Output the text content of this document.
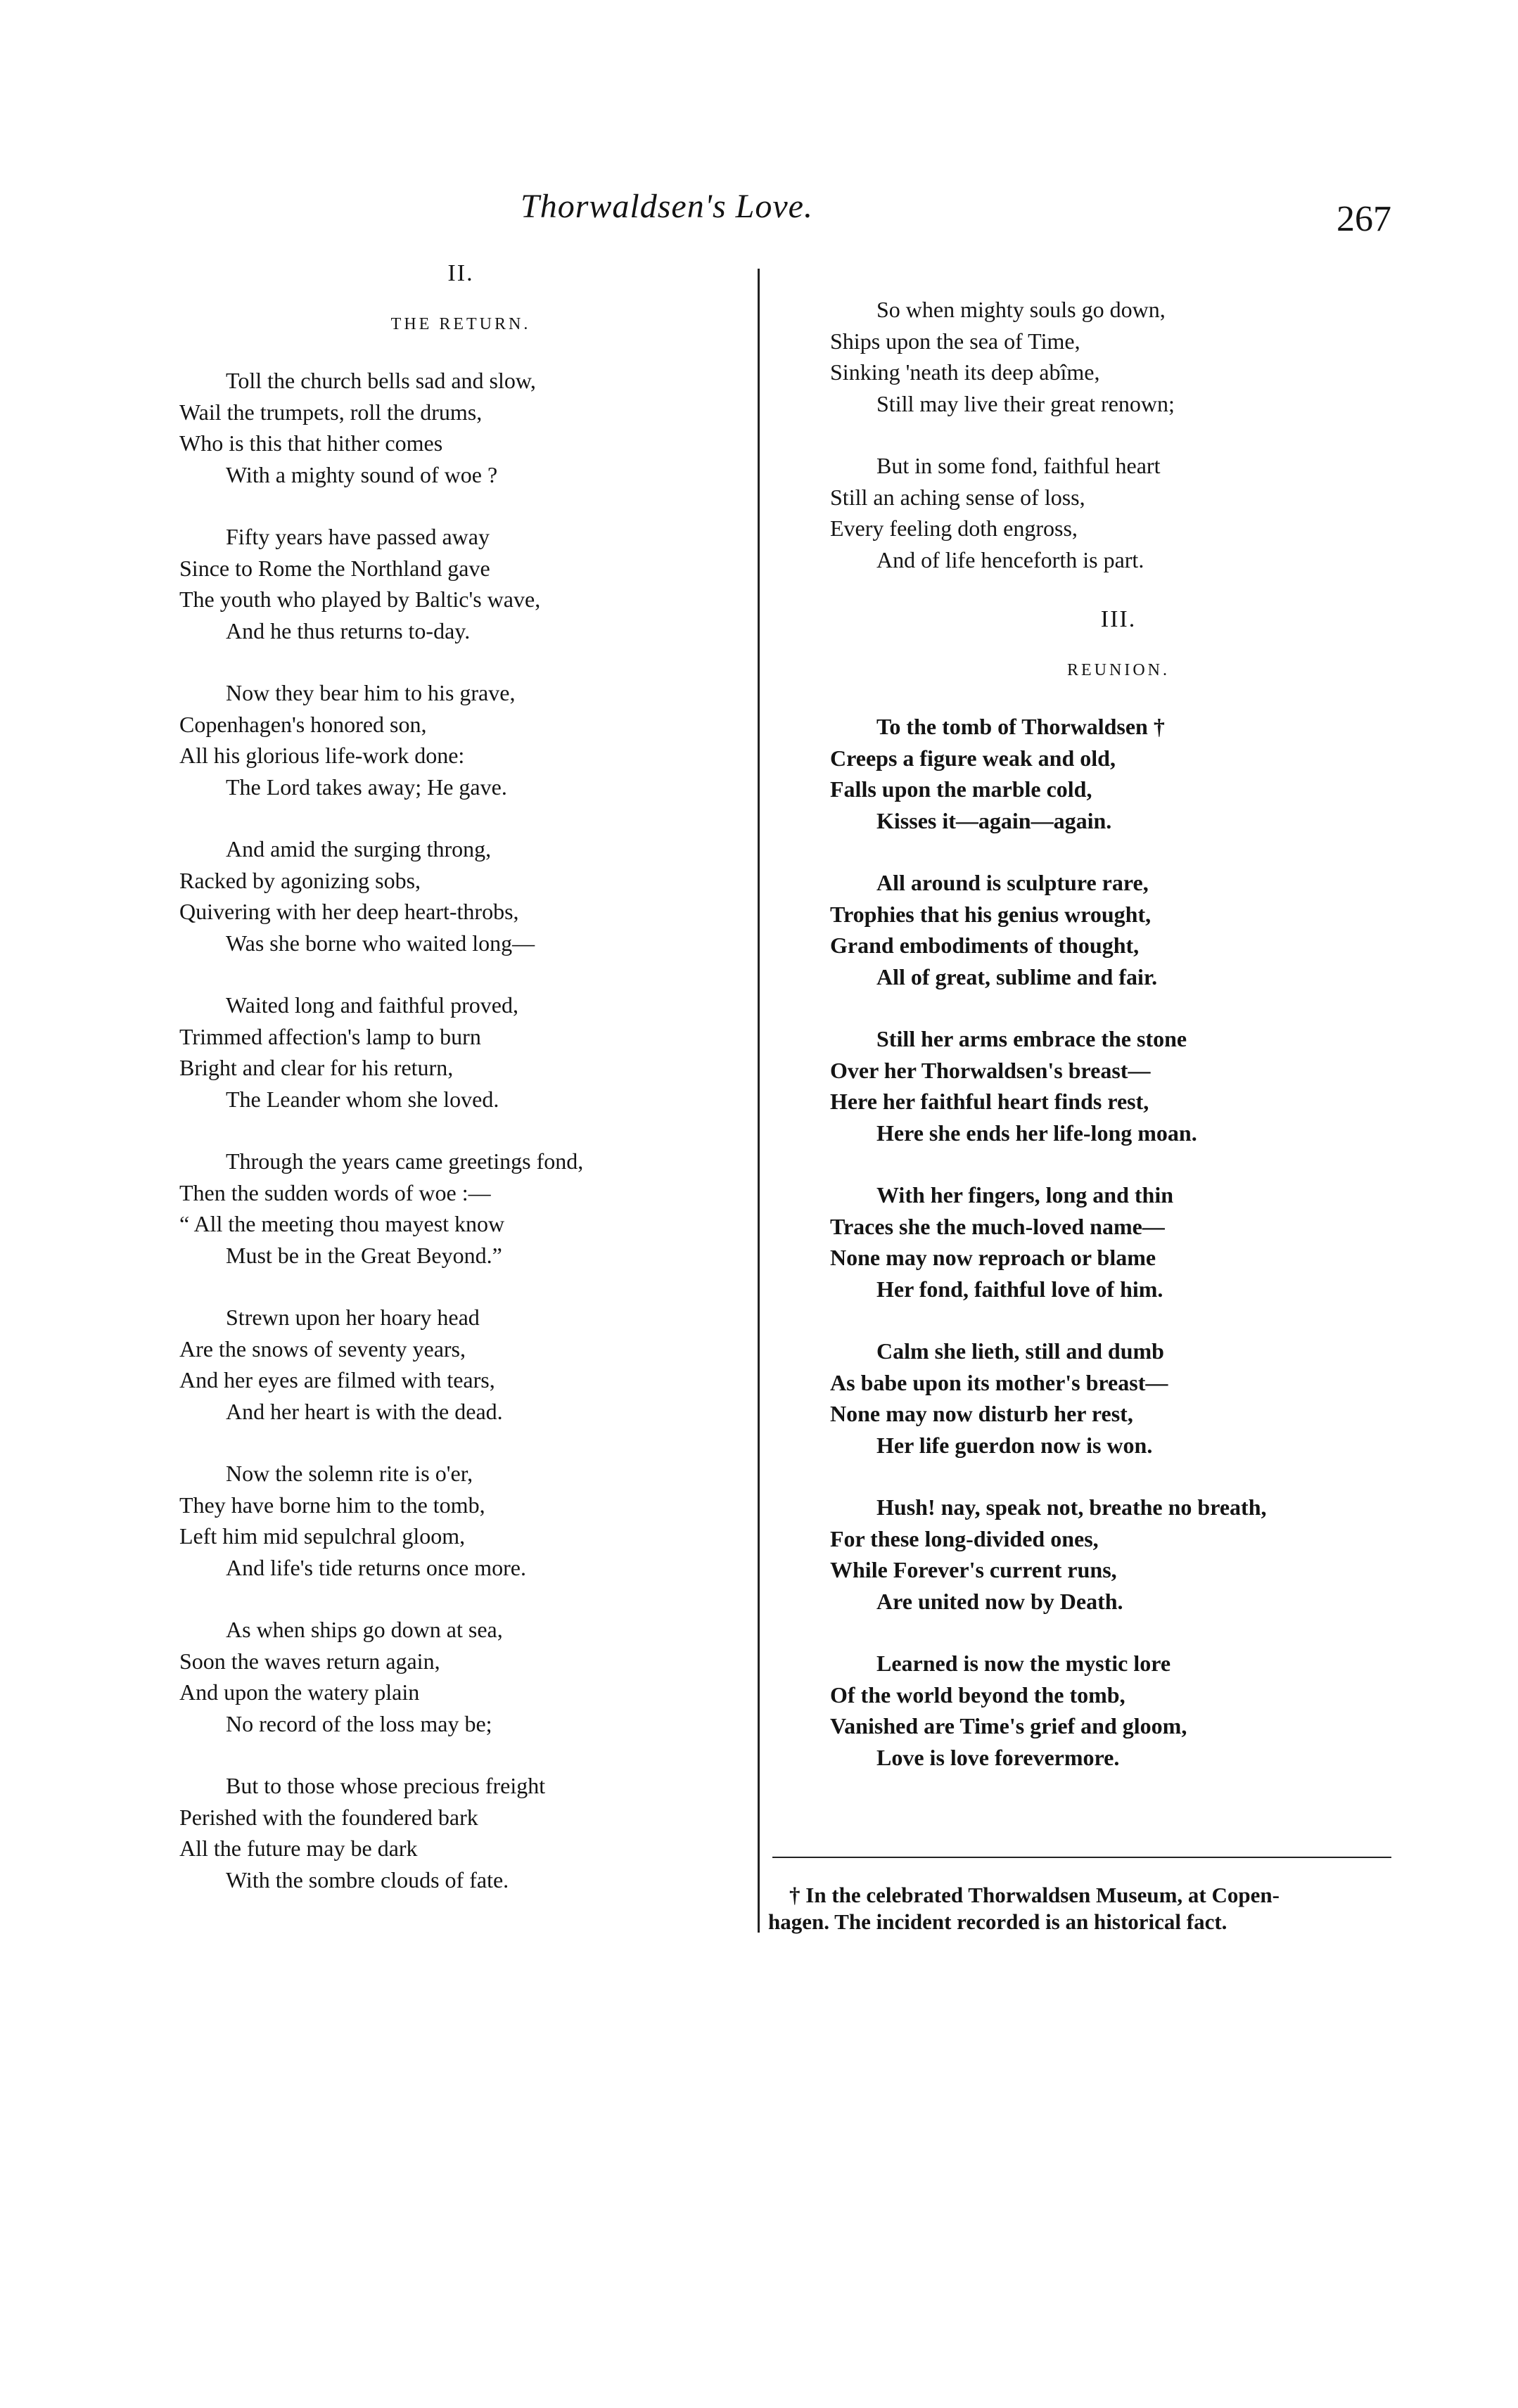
Thorwaldsen's Love.	267
II.
THE RETURN.
Toll the church bells sad and slow,
Wail the trumpets, roll the drums,
Who is this that hither comes
With a mighty sound of woe ?
Fifty years have passed away
Since to Rome the Northland gave
The youth who played by Baltic's wave,
And he thus returns to-day.
Now they bear him to his grave,
Copenhagen's honored son,
All his glorious life-work done:
The Lord takes away; He gave.
And amid the surging throng,
Racked by agonizing sobs,
Quivering with her deep heart-throbs,
Was she borne who waited long—
Waited long and faithful proved,
Trimmed affection's lamp to burn
Bright and clear for his return,
The Leander whom she loved.
Through the years came greetings fond,
Then the sudden words of woe :—
“ All the meeting thou mayest know
Must be in the Great Beyond.”
Strewn upon her hoary head
Are the snows of seventy years,
And her eyes are filmed with tears,
And her heart is with the dead.
Now the solemn rite is o'er,
They have borne him to the tomb,
Left him mid sepulchral gloom,
And life's tide returns once more.
As when ships go down at sea,
Soon the waves return again,
And upon the watery plain
No record of the loss may be;
But to those whose precious freight
Perished with the foundered bark
All the future may be dark
With the sombre clouds of fate.
So when mighty souls go down,
Ships upon the sea of Time,
Sinking 'neath its deep abîme,
Still may live their great renown;
But in some fond, faithful heart
Still an aching sense of loss,
Every feeling doth engross,
And of life henceforth is part.
III.
REUNION.
To the tomb of Thorwaldsen †
Creeps a figure weak and old,
Falls upon the marble cold,
Kisses it—again—again.
All around is sculpture rare,
Trophies that his genius wrought,
Grand embodiments of thought,
All of great, sublime and fair.
Still her arms embrace the stone
Over her Thorwaldsen's breast—
Here her faithful heart finds rest,
Here she ends her life-long moan.
With her fingers, long and thin
Traces she the much-loved name—
None may now reproach or blame
Her fond, faithful love of him.
Calm she lieth, still and dumb
As babe upon its mother's breast—
None may now disturb her rest,
Her life guerdon now is won.
Hush! nay, speak not, breathe no breath,
For these long-divided ones,
While Forever's current runs,
Are united now by Death.
Learned is now the mystic lore
Of the world beyond the tomb,
Vanished are Time's grief and gloom,
Love is love forevermore.
† In the celebrated Thorwaldsen Museum, at Copen-
hagen. The incident recorded is an historical fact.
